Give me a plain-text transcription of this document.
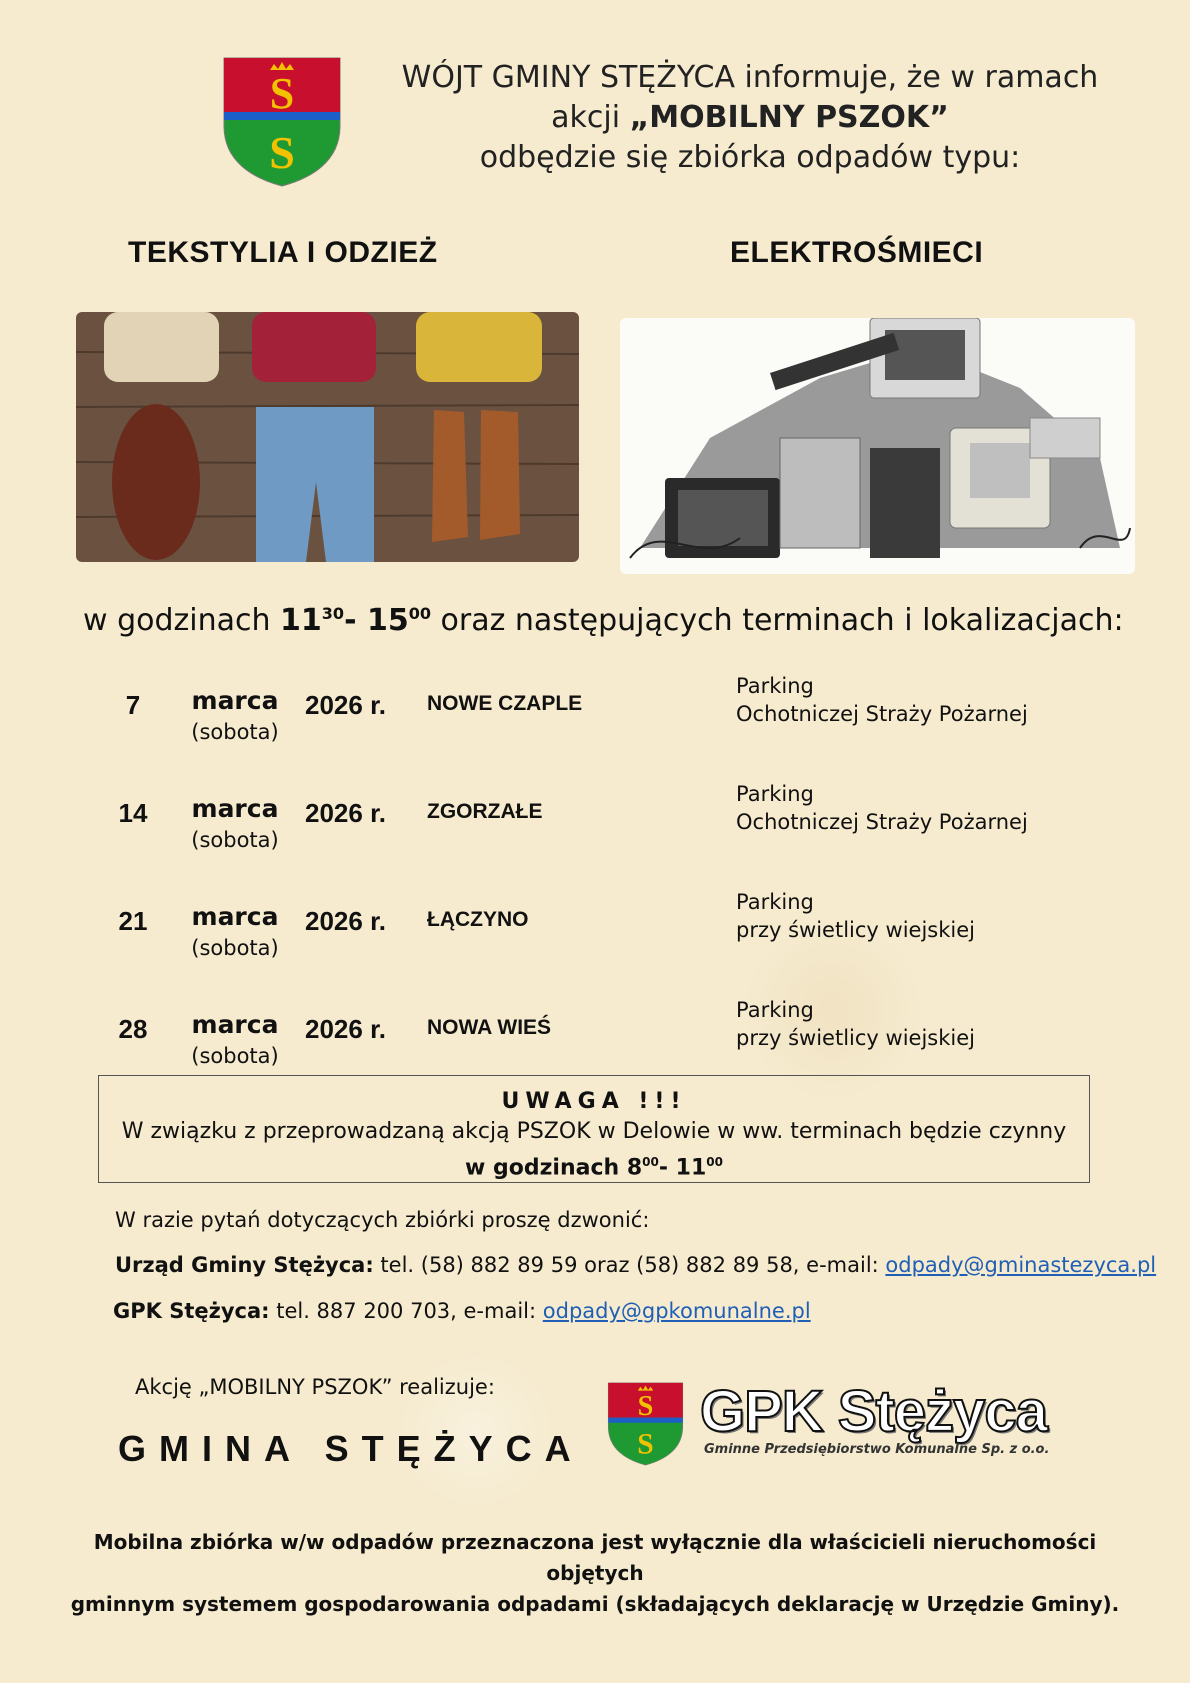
S
S
WÓJT GMINY STĘŻYCA informuje, że w ramach
akcji „MOBILNY PSZOK”
odbędzie się zbiórka odpadów typu:
TEKSTYLIA I ODZIEŻ	ELEKTROŚMIECI
w godzinach $11^{30}-$ $15^{00}$ oraz następujących terminach i lokalizacjach:
7	marca
(sobota)
2026 r. NOWE CZAPLE
Parking
Ochotniczej Straży Pożarnej
14	marca
(sobota)
2026 r. ZGORZAŁE
Parking
Ochotniczej Straży Pożarnej
21	marca
(sobota)
2026 r. ŁĄCZYNO
Parking
przy świetlicy wiejskiej
28	marca
(sobota)
2026 r. NOWA WIEŚ
Parking
przy świetlicy wiejskiej
UWAGA !!!
W związku z przeprowadzaną akcją PSZOK w Delowie w ww. terminach będzie czynny
w godzinach $8^{00}-$ $11^{00}$
W razie pytań dotyczących zbiórki proszę dzwonić:
Urząd Gminy Stężyca: tel. (58) 882 89 59 oraz (58) 882 89 58, e-mail: odpady@gminastezyca.pl
GPK Stężyca: tel. 887 200 703, e-mail: odpady@gpkomunalne.pl
Akcję „MOBILNY PSZOK” realizuje:
GMINA STĘŻYCA
S
S
GPK Stężyca
Gminne Przedsiębiorstwo Komunalne Sp. z o.o.
Mobilna zbiórka w/w odpadów przeznaczona jest wyłącznie dla właścicieli nieruchomości objętych
gminnym systemem gospodarowania odpadami (składających deklarację w Urzędzie Gminy).
